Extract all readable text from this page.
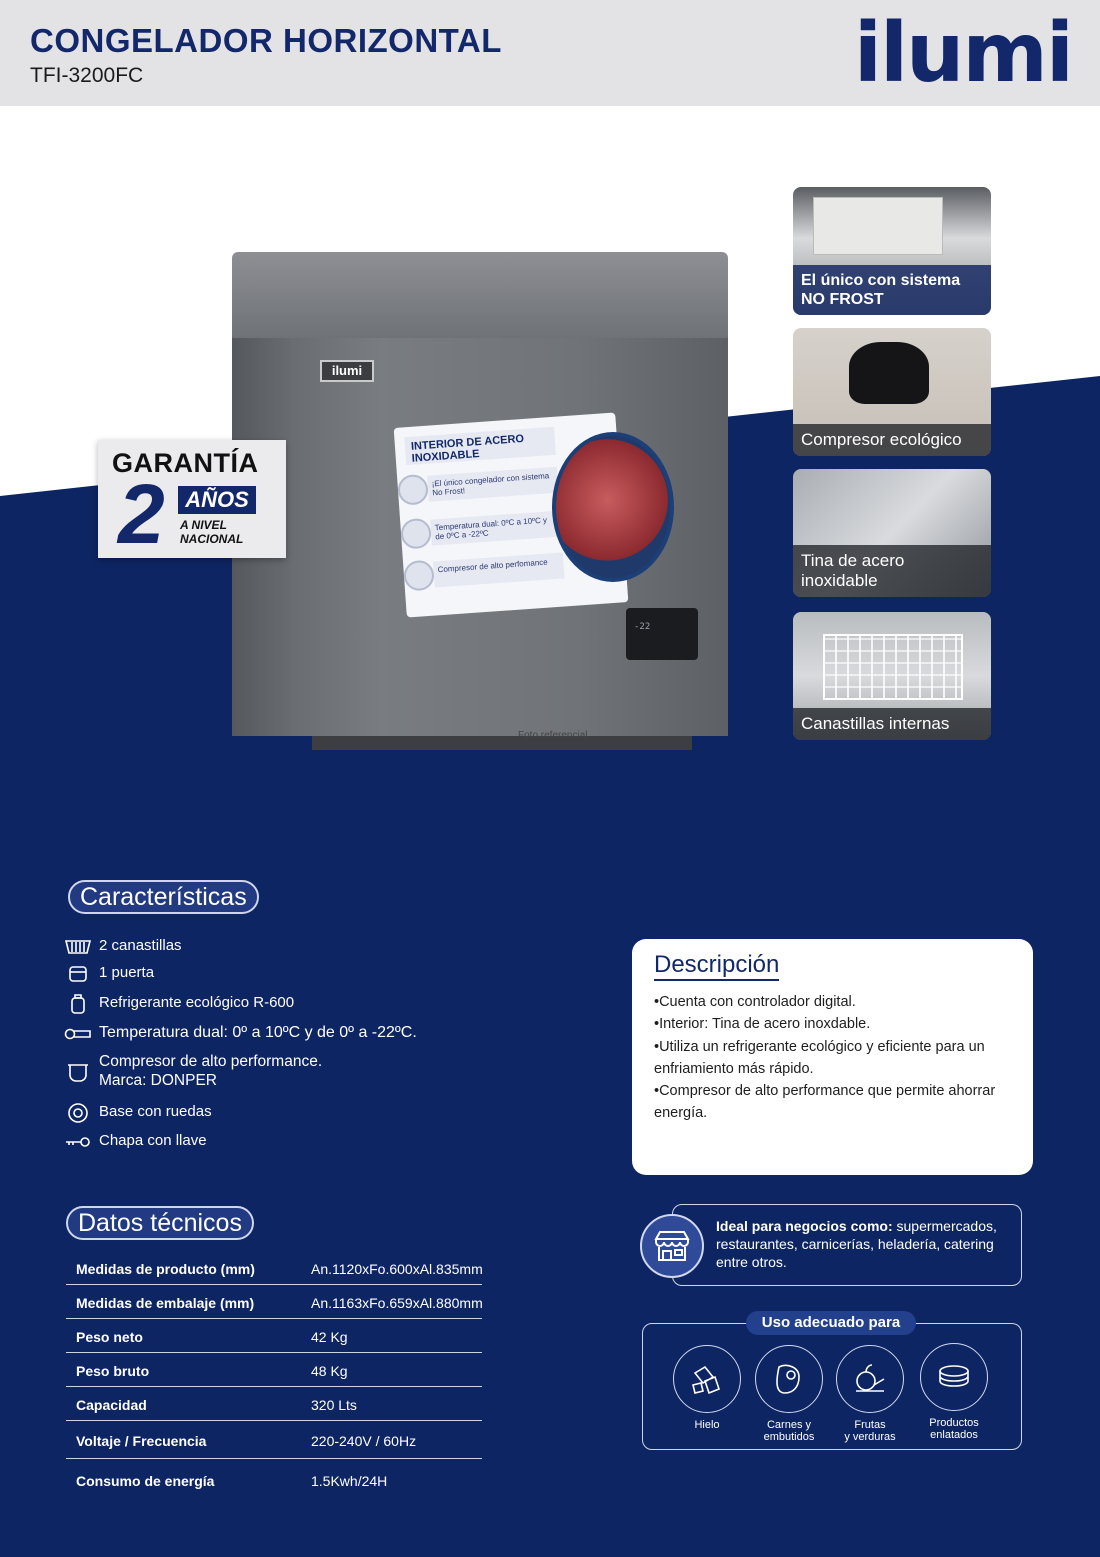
CONGELADOR HORIZONTAL
TFI-3200FC	ilumi
ilumi
INTERIOR DE ACERO INOXIDABLE
¡El único congelador con sistema No Frost!
Temperatura dual: 0ºC a 10ºC y de 0ºC a -22ºC
Compresor de alto perfomance
-22
Foto referencial
GARANTÍA
2 AÑOS
A NIVEL NACIONAL
El único con sistema NO FROST
Compresor ecológico
Tina de acero inoxidable
Canastillas internas
Características
2 canastillas
1 puerta
Refrigerante ecológico R-600
Temperatura dual: 0º a 10ºC y de 0º a -22ºC.
Compresor de alto performance.
Marca: DONPER
Base con ruedas
Chapa con llave
Descripción
•Cuenta con controlador digital.
•Interior: Tina de acero inoxdable.
•Utiliza un refrigerante ecológico y eficiente para un enfriamiento más rápido.
•Compresor de alto performance que permite ahorrar energía.
Datos técnicos
Medidas de producto (mm)	An.1120xFo.600xAl.835mm
Medidas de embalaje (mm)	An.1163xFo.659xAl.880mm
Peso neto	42 Kg
Peso bruto	48 Kg
Capacidad	320 Lts
Voltaje / Frecuencia	220-240V / 60Hz
Consumo de energía	1.5Kwh/24H
Ideal para negocios como: supermercados, restaurantes, carnicerías, heladería, catering entre otros.
Uso adecuado para
Hielo	Carnes y
embutidos
Frutas
y verduras
Productos
enlatados
